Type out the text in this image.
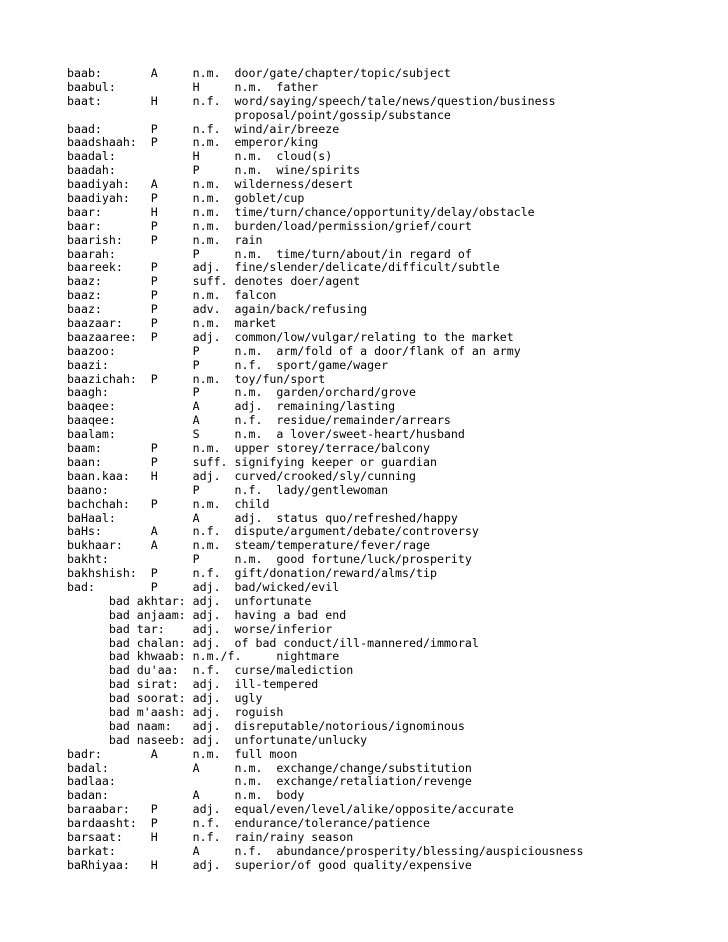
baab:       A     n.m.  door/gate/chapter/topic/subject
baabul:           H     n.m.  father
baat:       H     n.f.  word/saying/speech/tale/news/question/business
proposal/point/gossip/substance
baad:       P     n.f.  wind/air/breeze
baadshaah:  P     n.m.  emperor/king
baadal:           H     n.m.  cloud(s)
baadah:           P     n.m.  wine/spirits
baadiyah:   A     n.m.  wilderness/desert
baadiyah:   P     n.m.  goblet/cup
baar:       H     n.m.  time/turn/chance/opportunity/delay/obstacle
baar:       P     n.m.  burden/load/permission/grief/court
baarish:    P     n.m.  rain
baarah:           P     n.m.  time/turn/about/in regard of
baareek:    P     adj.  fine/slender/delicate/difficult/subtle
baaz:       P     suff. denotes doer/agent
baaz:       P     n.m.  falcon
baaz:       P     adv.  again/back/refusing
baazaar:    P     n.m.  market
baazaaree:  P     adj.  common/low/vulgar/relating to the market
baazoo:           P     n.m.  arm/fold of a door/flank of an army
baazi:            P     n.f.  sport/game/wager
baazichah:  P     n.m.  toy/fun/sport
baagh:            P     n.m.  garden/orchard/grove
baaqee:           A     adj.  remaining/lasting
baaqee:           A     n.f.  residue/remainder/arrears
baalam:           S     n.m.  a lover/sweet-heart/husband
baam:       P     n.m.  upper storey/terrace/balcony
baan:       P     suff. signifying keeper or guardian
baan.kaa:   H     adj.  curved/crooked/sly/cunning
baano:            P     n.f.  lady/gentlewoman
bachchah:   P     n.m.  child
baHaal:           A     adj.  status quo/refreshed/happy
baHs:       A     n.f.  dispute/argument/debate/controversy
bukhaar:    A     n.m.  steam/temperature/fever/rage
bakht:            P     n.m.  good fortune/luck/prosperity
bakhshish:  P     n.f.  gift/donation/reward/alms/tip
bad:        P     adj.  bad/wicked/evil
bad akhtar: adj.  unfortunate
bad anjaam: adj.  having a bad end
bad tar:    adj.  worse/inferior
bad chalan: adj.  of bad conduct/ill-mannered/immoral
bad khwaab: n.m./f.     nightmare
bad du'aa:  n.f.  curse/malediction
bad sirat:  adj.  ill-tempered
bad soorat: adj.  ugly
bad m'aash: adj.  roguish
bad naam:   adj.  disreputable/notorious/ignominous
bad naseeb: adj.  unfortunate/unlucky
badr:       A     n.m.  full moon
badal:            A     n.m.  exchange/change/substitution
badlaa:                 n.m.  exchange/retaliation/revenge
badan:            A     n.m.  body
baraabar:   P     adj.  equal/even/level/alike/opposite/accurate
bardaasht:  P     n.f.  endurance/tolerance/patience
barsaat:    H     n.f.  rain/rainy season
barkat:           A     n.f.  abundance/prosperity/blessing/auspiciousness
baRhiyaa:   H     adj.  superior/of good quality/expensive
